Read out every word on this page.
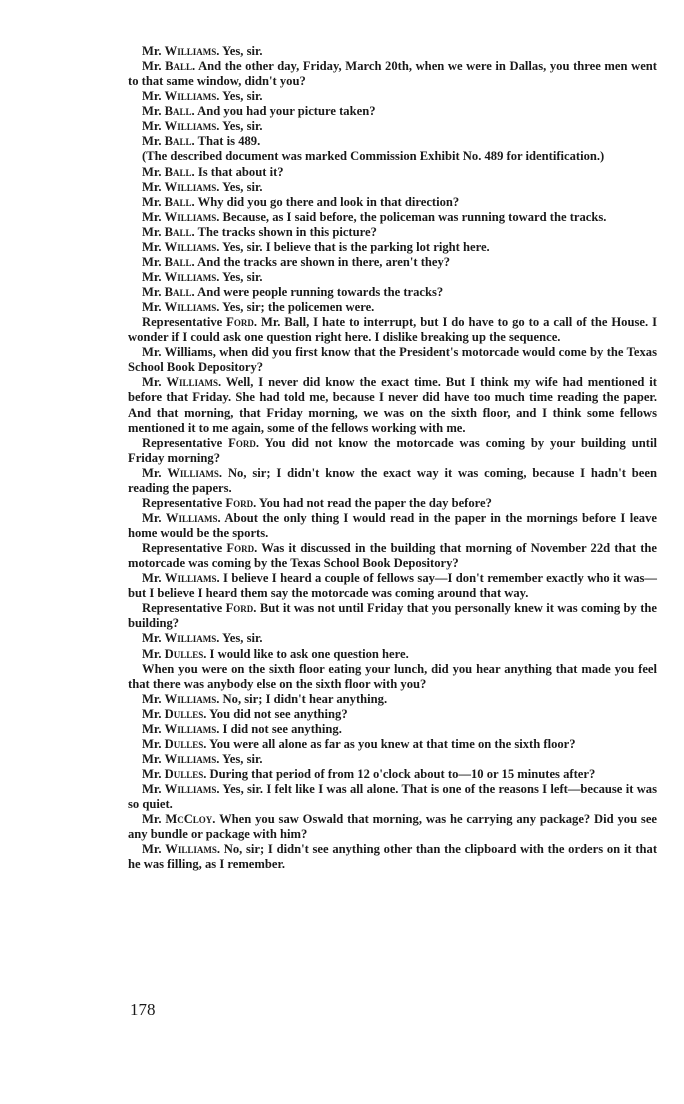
Mr. Williams. Yes, sir.

Mr. Ball. And the other day, Friday, March 20th, when we were in Dallas, you three men went to that same window, didn't you?

Mr. Williams. Yes, sir.

Mr. Ball. And you had your picture taken?

Mr. Williams. Yes, sir.

Mr. Ball. That is 489.

(The described document was marked Commission Exhibit No. 489 for identification.)

Mr. Ball. Is that about it?

Mr. Williams. Yes, sir.

Mr. Ball. Why did you go there and look in that direction?

Mr. Williams. Because, as I said before, the policeman was running toward the tracks.

Mr. Ball. The tracks shown in this picture?

Mr. Williams. Yes, sir. I believe that is the parking lot right here.

Mr. Ball. And the tracks are shown in there, aren't they?

Mr. Williams. Yes, sir.

Mr. Ball. And were people running towards the tracks?

Mr. Williams. Yes, sir; the policemen were.

Representative Ford. Mr. Ball, I hate to interrupt, but I do have to go to a call of the House. I wonder if I could ask one question right here. I dislike breaking up the sequence.

Mr. Williams, when did you first know that the President's motorcade would come by the Texas School Book Depository?

Mr. Williams. Well, I never did know the exact time. But I think my wife had mentioned it before that Friday. She had told me, because I never did have too much time reading the paper. And that morning, that Friday morning, we was on the sixth floor, and I think some fellows mentioned it to me again, some of the fellows working with me.

Representative Ford. You did not know the motorcade was coming by your building until Friday morning?

Mr. Williams. No, sir; I didn't know the exact way it was coming, because I hadn't been reading the papers.

Representative Ford. You had not read the paper the day before?

Mr. Williams. About the only thing I would read in the paper in the mornings before I leave home would be the sports.

Representative Ford. Was it discussed in the building that morning of November 22d that the motorcade was coming by the Texas School Book Depository?

Mr. Williams. I believe I heard a couple of fellows say—I don't remember exactly who it was—but I believe I heard them say the motorcade was coming around that way.

Representative Ford. But it was not until Friday that you personally knew it was coming by the building?

Mr. Williams. Yes, sir.

Mr. Dulles. I would like to ask one question here.

When you were on the sixth floor eating your lunch, did you hear anything that made you feel that there was anybody else on the sixth floor with you?

Mr. Williams. No, sir; I didn't hear anything.

Mr. Dulles. You did not see anything?

Mr. Williams. I did not see anything.

Mr. Dulles. You were all alone as far as you knew at that time on the sixth floor?

Mr. Williams. Yes, sir.

Mr. Dulles. During that period of from 12 o'clock about to—10 or 15 minutes after?

Mr. Williams. Yes, sir. I felt like I was all alone. That is one of the reasons I left—because it was so quiet.

Mr. McCloy. When you saw Oswald that morning, was he carrying any package? Did you see any bundle or package with him?

Mr. Williams. No, sir; I didn't see anything other than the clipboard with the orders on it that he was filling, as I remember.

178
